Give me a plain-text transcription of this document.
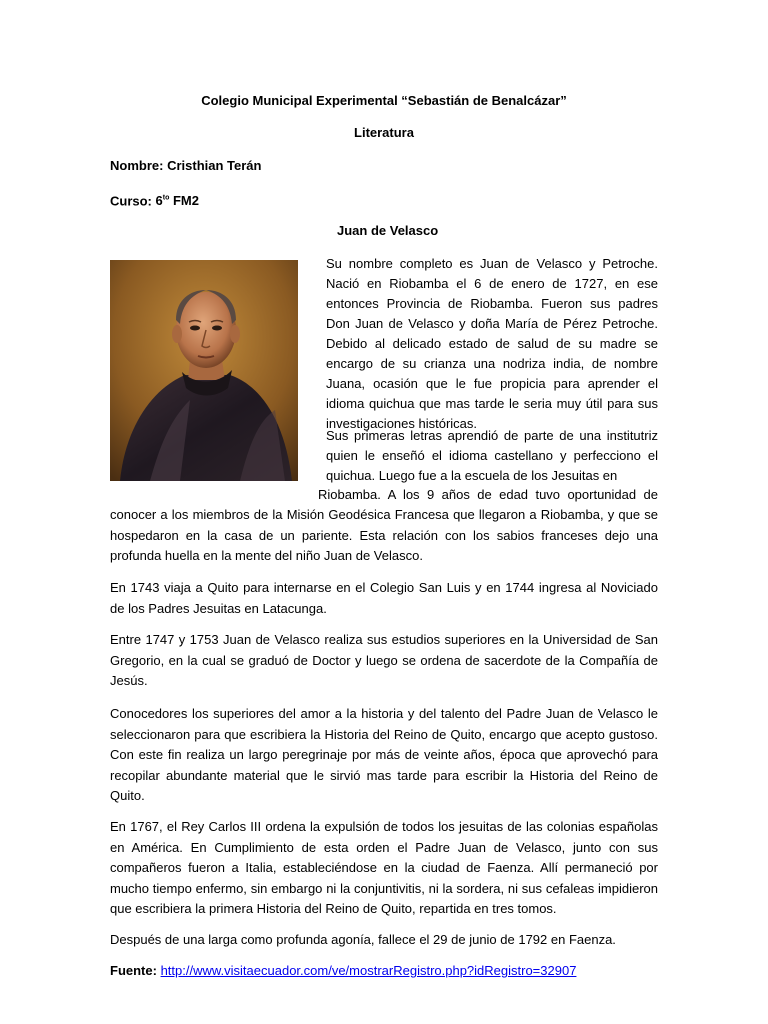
Colegio Municipal Experimental “Sebastián de Benalcázar”
Literatura
Nombre: Cristhian Terán
Curso: $6^{to}$ FM2
Juan de Velasco

Su nombre completo es Juan de Velasco y Petroche. Nació en Riobamba el 6 de enero de 1727, en ese entonces Provincia de Riobamba. Fueron sus padres Don Juan de Velasco y doña María de Pérez Petroche. Debido al delicado estado de salud de su madre se encargo de su crianza una nodriza india, de nombre Juana, ocasión que le fue propicia para aprender el idioma quichua que mas tarde le seria muy útil para sus investigaciones históricas.

Sus primeras letras aprendió de parte de una institutriz quien le enseñó el idioma castellano y perfecciono el quichua. Luego fue a la escuela de los Jesuitas en

Riobamba. A los 9 años de edad tuvo oportunidad de

conocer a los miembros de la Misión Geodésica Francesa que llegaron a Riobamba, y que se hospedaron en la casa de un pariente. Esta relación con los sabios franceses dejo una profunda huella en la mente del niño Juan de Velasco.

En 1743 viaja a Quito para internarse en el Colegio San Luis y en 1744 ingresa al Noviciado de los Padres Jesuitas en Latacunga.

Entre 1747 y 1753 Juan de Velasco realiza sus estudios superiores en la Universidad de San Gregorio, en la cual se graduó de Doctor y luego se ordena de sacerdote de la Compañía de Jesús.

Conocedores los superiores del amor a la historia y del talento del Padre Juan de Velasco le seleccionaron para que escribiera la Historia del Reino de Quito, encargo que acepto gustoso. Con este fin realiza un largo peregrinaje por más de veinte años, época que aprovechó para recopilar abundante material que le sirvió mas tarde para escribir la Historia del Reino de Quito.

En 1767, el Rey Carlos III ordena la expulsión de todos los jesuitas de las colonias españolas en América. En Cumplimiento de esta orden el Padre Juan de Velasco, junto con sus compañeros fueron a Italia, estableciéndose en la ciudad de Faenza. Allí permaneció por mucho tiempo enfermo, sin embargo ni la conjuntivitis, ni la sordera, ni sus cefaleas impidieron que escribiera la primera Historia del Reino de Quito, repartida en tres tomos.

Después de una larga como profunda agonía, fallece el 29 de junio de 1792 en Faenza.

Fuente: http://www.visitaecuador.com/ve/mostrarRegistro.php?idRegistro=32907
